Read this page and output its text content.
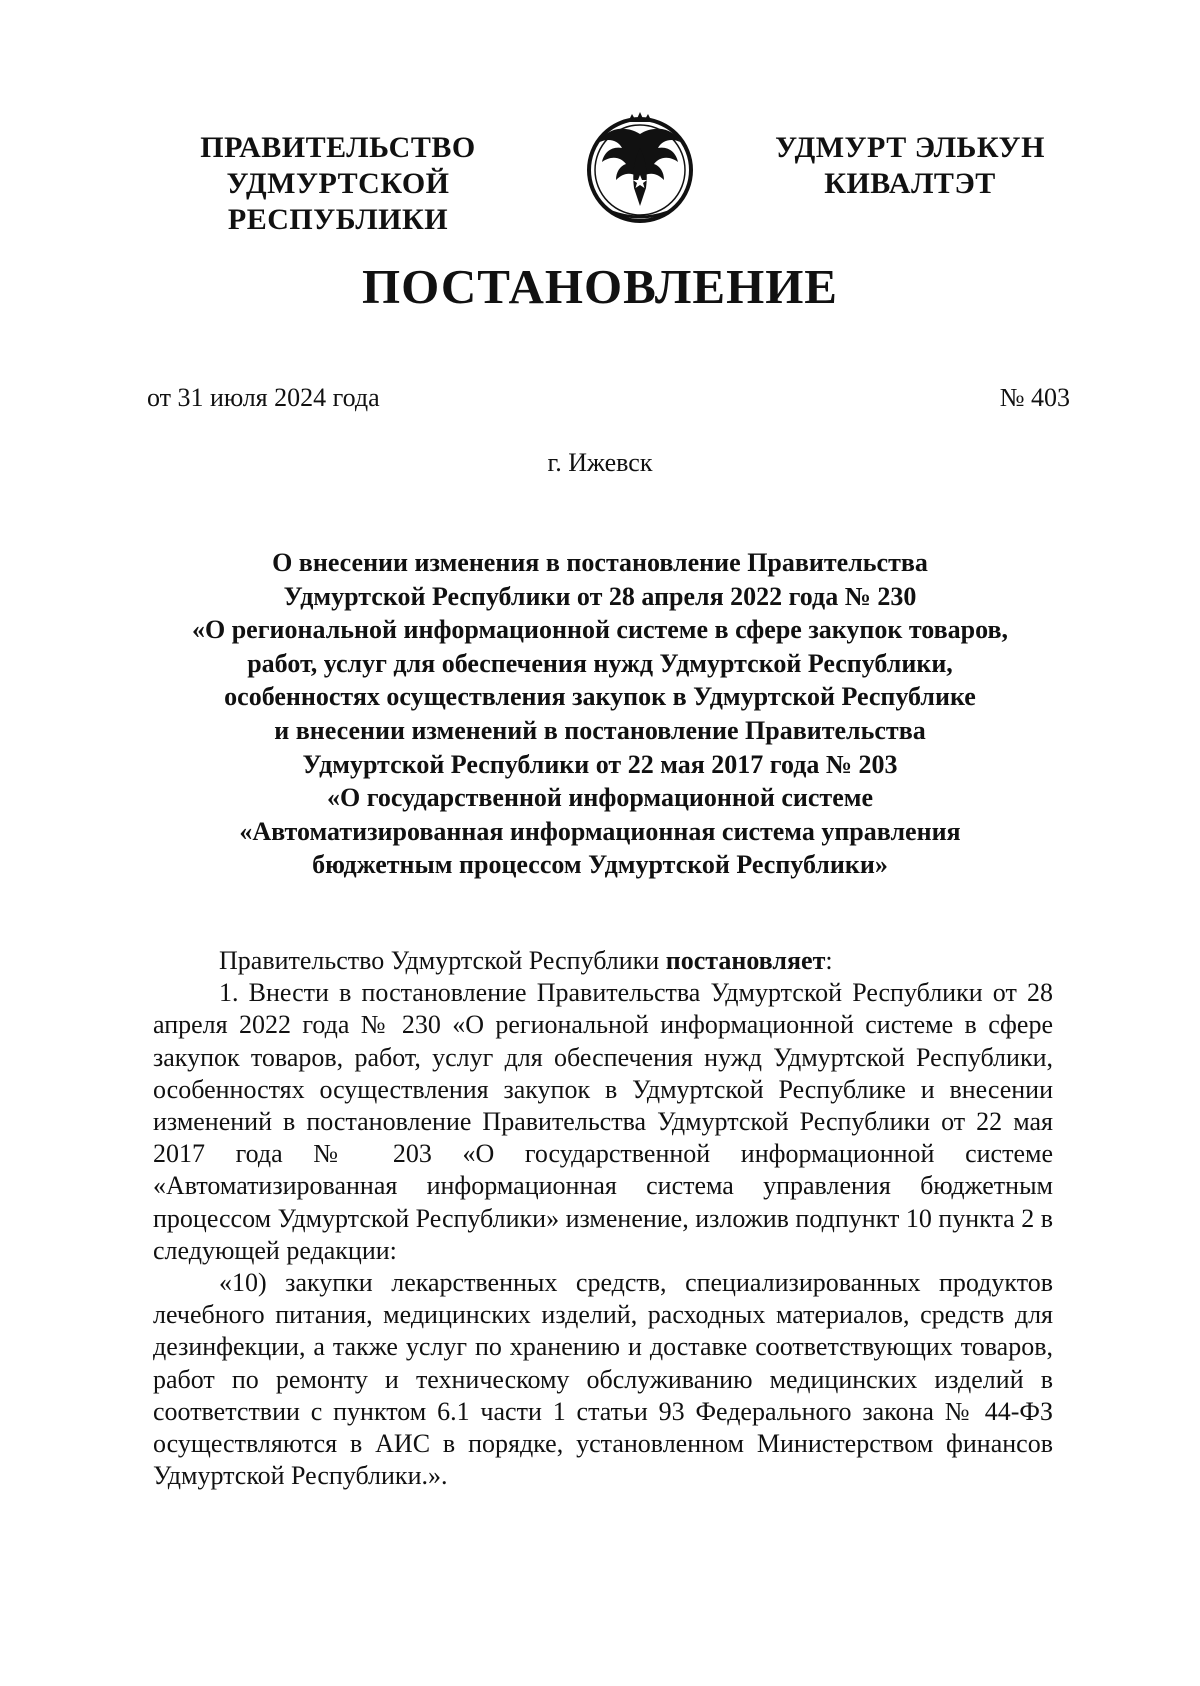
ПРАВИТЕЛЬСТВО
УДМУРТСКОЙ РЕСПУБЛИКИ
УДМУРТ ЭЛЬКУН
КИВАЛТЭТ
ПОСТАНОВЛЕНИЕ
от 31 июля 2024 года	№ 403
г. Ижевск
О внесении изменения в постановление Правительства
Удмуртской Республики от 28 апреля 2022 года № 230
«О региональной информационной системе в сфере закупок товаров,
работ, услуг для обеспечения нужд Удмуртской Республики,
особенностях осуществления закупок в Удмуртской Республике
и внесении изменений в постановление Правительства
Удмуртской Республики от 22 мая 2017 года № 203
«О государственной информационной системе
«Автоматизированная информационная система управления
бюджетным процессом Удмуртской Республики»

Правительство Удмуртской Республики постановляет:

1. Внести в постановление Правительства Удмуртской Республики от 28 апреля 2022 года № 230 «О региональной информационной системе в сфере закупок товаров, работ, услуг для обеспечения нужд Удмуртской Республики, особенностях осуществления закупок в Удмуртской Республике и внесении изменений в постановление Правительства Удмуртской Республики от 22 мая 2017 года № 203 «О государственной информационной системе «Автоматизированная информационная система управления бюджетным процессом Удмуртской Республики» изменение, изложив подпункт 10 пункта 2 в следующей редакции:

«10) закупки лекарственных средств, специализированных продуктов лечебного питания, медицинских изделий, расходных материалов, средств для дезинфекции, а также услуг по хранению и доставке соответствующих товаров, работ по ремонту и техническому обслуживанию медицинских изделий в соответствии с пунктом 6.1 части 1 статьи 93 Федерального закона № 44-ФЗ осуществляются в АИС в порядке, установленном Министерством финансов Удмуртской Республики.».
